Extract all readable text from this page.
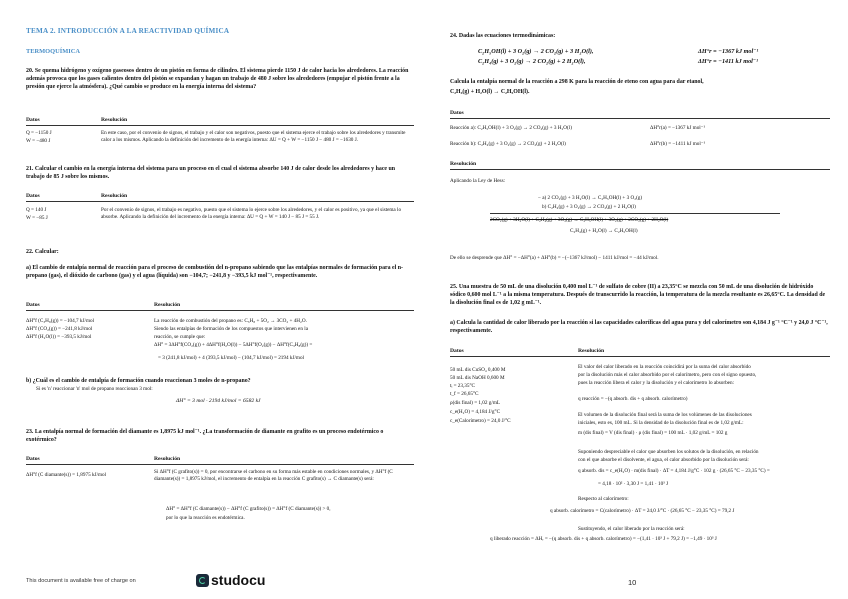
TEMA 2. INTRODUCCIÓN A LA REACTIVIDAD QUÍMICA
TERMOQUÍMICA
20. Se quema hidrógeno y oxígeno gaseosos dentro de un pistón en forma de cilindro. El sistema pierde 1150 J de calor hacia los alrededores. La reacción además provoca que los gases calientes dentro del pistón se expandan y hagan un trabajo de 480 J sobre los alrededores (empujar el pistón frente a la presión que ejerce la atmósfera). ¿Qué cambio se produce en la energía interna del sistema?
Datos	Resolución
Q = −1150 J
W = −480 J
En este caso, por el convenio de signos, el trabajo y el calor son negativos, puesto que el sistema ejerce el trabajo sobre los alrededores y transmite calor a los mismos. Aplicando la definición del incremento de la energía interna: ΔU = Q + W = −1150 J − 480 J = −1630 J.
21. Calcular el cambio en la energía interna del sistema para un proceso en el cual el sistema absorbe 140 J de calor desde los alrededores y hace un trabajo de 85 J sobre los mismos.
Datos	Resolución
Q = 140 J
W = −85 J
Por el convenio de signos, el trabajo es negativo, puesto que el sistema lo ejerce sobre los alrededores, y el calor es positivo, ya que el sistema lo absorbe. Aplicando la definición del incremento de la energía interna: ΔU = Q + W = 140 J − 85 J = 55 J.
22. Calcular:
a) El cambio de entalpía normal de reacción para el proceso de combustión del n-propano sabiendo que las entalpías normales de formación para el n-propano (gas), el dióxido de carbono (gas) y el agua (líquida) son −104,7; −241,8 y −393,5 kJ mol⁻¹, respectivamente.
Datos	Resolución
ΔH°f (C₃H₈(g)) = −104,7 kJ/mol
ΔH°f (CO₂(g)) = −241,8 kJ/mol
ΔH°f (H₂O(l)) = −393,5 kJ/mol
La reacción de combustión del propano es: C₃H₈ + 5O₂ → 3CO₂ + 4H₂O.
Siendo las entalpías de formación de los compuestos que intervienen en la
reacción, se cumple que:
ΔH° = 3ΔH°f(CO₂(g)) + 4ΔH°f(H₂O(l)) − 5ΔH°f(O₂(g)) − ΔH°f(C₃H₈(g)) =
= 3 (241,8 kJ/mol) + 4 (393,5 kJ/mol) − (104,7 kJ/mol) = 2194 kJ/mol
b) ¿Cuál es el cambio de entalpía de formación cuando reaccionan 3 moles de n-propano?
Si es 'n' reaccionar 'n' mol de propano reaccionan 3 mol:
ΔH° = 3 mol · 2194 kJ/mol = 6582 kJ
23. La entalpía normal de formación del diamante es 1,8975 kJ mol⁻¹. ¿La transformación de diamante en grafito es un proceso endotérmico o exotérmico?
Datos	Resolución
ΔH°f (C diamante(s)) = 1,8975 kJ/mol	Si ΔH°f (C grafito(s)) = 0, por encontrarse el carbono en su forma más estable en condiciones normales, y ΔH°f (C diamante(s)) = 1,8975 kJ/mol, el incremento de entalpía en la reacción C grafito(s) → C diamante(s) será:
ΔH° = ΔH°f (C diamante(s)) − ΔH°f (C grafito(s)) = ΔH°f (C diamante(s)) > 0,
por lo que la reacción es endotérmica.
24. Dadas las ecuaciones termodinámicas:
C₂H₅OH(l) + 3 O₂(g) → 2 CO₂(g) + 3 H₂O(l),	ΔH°r = −1367 kJ mol⁻¹
C₂H₄(g) + 3 O₂(g) → 2 CO₂(g) + 2 H₂O(l),	ΔH°r = −1411 kJ mol⁻¹
Calcula la entalpía normal de la reacción a 298 K para la reacción de eteno con agua para dar etanol,
C₂H₄(g) + H₂O(l) → C₂H₅OH(l).
Datos
Reacción a): C₂H₅OH(l) + 3 O₂(g) → 2 CO₂(g) + 3 H₂O(l)	ΔH°r(a) = −1367 kJ mol⁻¹
Reacción b): C₂H₄(g) + 3 O₂(g) → 2 CO₂(g) + 2 H₂O(l)	ΔH°r(b) = −1411 kJ mol⁻¹
Resolución
Aplicando la Ley de Hess:
− a) 2 CO₂(g) + 3 H₂O(l) → C₂H₅OH(l) + 3 O₂(g)
b) C₂H₄(g) + 3 O₂(g) → 2 CO₂(g) + 2 H₂O(l)
2CO₂(g) + 3H₂O(l) + C₂H₄(g) + 3O₂(g) → C₂H₅OH(l) + 3O₂(g) + 2CO₂(g) + 2H₂O(l)
C₂H₄(g) + H₂O(l) → C₂H₅OH(l)
De ello se desprende que ΔH° = −ΔH°(a) + ΔH°(b) = −(−1367 kJ/mol) − 1411 kJ/mol = −44 kJ/mol.
25. Una muestra de 50 mL de una disolución 0,400 mol L⁻¹ de sulfato de cobre (II) a 23,35°C se mezcla con 50 mL de una disolución de hidróxido sódico 0,600 mol L⁻¹ a la misma temperatura. Después de transcurrido la reacción, la temperatura de la mezcla resultante es 26,65°C. La densidad de la disolución final es de 1,02 g mL⁻¹.
a) Calcula la cantidad de calor liberado por la reacción si las capacidades caloríficas del agua pura y del calorímetro son 4,184 J g⁻¹ °C⁻¹ y 24,0 J °C⁻¹, respectivamente.
Datos	Resolución
50 mL dis CuSO₄ 0,400 M
50 mL dis NaOH 0,600 M
tᵢ = 23,35°C
t_f = 26,65°C
ρ(dis final) = 1,02 g/mL
c_e(H₂O) = 4,184 J/g°C
c_e(Calorímetro) = 24,0 J/°C
El valor del calor liberado en la reacción coincidirá por la suma del calor absorbido
por la disolución más el calor absorbido por el calorímetro, pero con el signo opuesto,
pues la reacción libera el calor y la disolución y el calorímetro lo absorben:
q reacción = −(q absorb. dis + q absorb. calorímetro)
El volumen de la disolución final será la suma de los volúmenes de las disoluciones
iniciales, esto es, 100 mL. Si la densidad de la disolución final es de 1,02 g/mL:
m (dis final) = V (dis final) · ρ (dis final) = 100 mL · 1,02 g/mL = 102 g
Suponiendo despreciable el calor que absorben los solutos de la disolución, en relación
con el que absorbe el disolvente, el agua, el calor absorbido por la disolución será:
q absorb. dis = c_e(H₂O) · m(dis final) · ΔT = 4,184 J/g°C · 102 g · (26,65 °C − 23,35 °C) =
= 4,18 · 10² · 3,30 J = 1,41 · 10³ J
Respecto al calorímetro:
q absorb. calorímetro = C(calorímetro) · ΔT = 24,0 J/°C · (26,65 °C − 23,35 °C) = 79,2 J
Sustituyendo, el calor liberado por la reacción será:
q liberado reacción = ΔHᵣ = −(q absorb. dis + q absorb. calorímetro) = −(1,41 · 10³ J + 79,2 J) = −1,49 · 10³ J
This document is available free of charge on	studocu	10
